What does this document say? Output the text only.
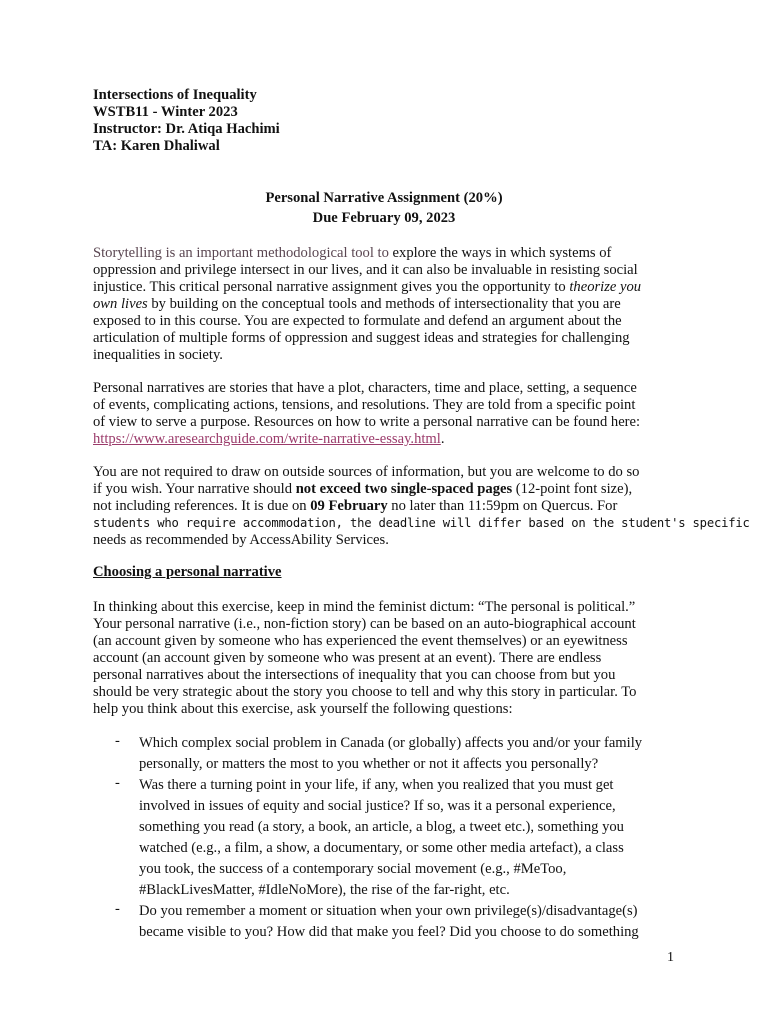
Intersections of Inequality
WSTB11 - Winter 2023
Instructor: Dr. Atiqa Hachimi
TA: Karen Dhaliwal
Personal Narrative Assignment (20%)
Due February 09, 2023
Storytelling is an important methodological tool to explore the ways in which systems of
oppression and privilege intersect in our lives, and it can also be invaluable in resisting social
injustice. This critical personal narrative assignment gives you the opportunity to theorize you
own lives by building on the conceptual tools and methods of intersectionality that you are
exposed to in this course. You are expected to formulate and defend an argument about the
articulation of multiple forms of oppression and suggest ideas and strategies for challenging
inequalities in society.
Personal narratives are stories that have a plot, characters, time and place, setting, a sequence
of events, complicating actions, tensions, and resolutions. They are told from a specific point
of view to serve a purpose. Resources on how to write a personal narrative can be found here:
https://www.aresearchguide.com/write-narrative-essay.html.
You are not required to draw on outside sources of information, but you are welcome to do so
if you wish. Your narrative should not exceed two single-spaced pages (12-point font size),
not including references. It is due on 09 February no later than 11:59pm on Quercus. For
students who require accommodation, the deadline will differ based on the student's specific
needs as recommended by AccessAbility Services.
Choosing a personal narrative
In thinking about this exercise, keep in mind the feminist dictum: “The personal is political.”
Your personal narrative (i.e., non-fiction story) can be based on an auto-biographical account
(an account given by someone who has experienced the event themselves) or an eyewitness
account (an account given by someone who was present at an event). There are endless
personal narratives about the intersections of inequality that you can choose from but you
should be very strategic about the story you choose to tell and why this story in particular. To
help you think about this exercise, ask yourself the following questions:
- Which complex social problem in Canada (or globally) affects you and/or your family
personally, or matters the most to you whether or not it affects you personally?
- Was there a turning point in your life, if any, when you realized that you must get
involved in issues of equity and social justice? If so, was it a personal experience,
something you read (a story, a book, an article, a blog, a tweet etc.), something you
watched (e.g., a film, a show, a documentary, or some other media artefact), a class
you took, the success of a contemporary social movement (e.g., #MeToo,
#BlackLivesMatter, #IdleNoMore), the rise of the far-right, etc.
- Do you remember a moment or situation when your own privilege(s)/disadvantage(s)
became visible to you? How did that make you feel? Did you choose to do something
1
